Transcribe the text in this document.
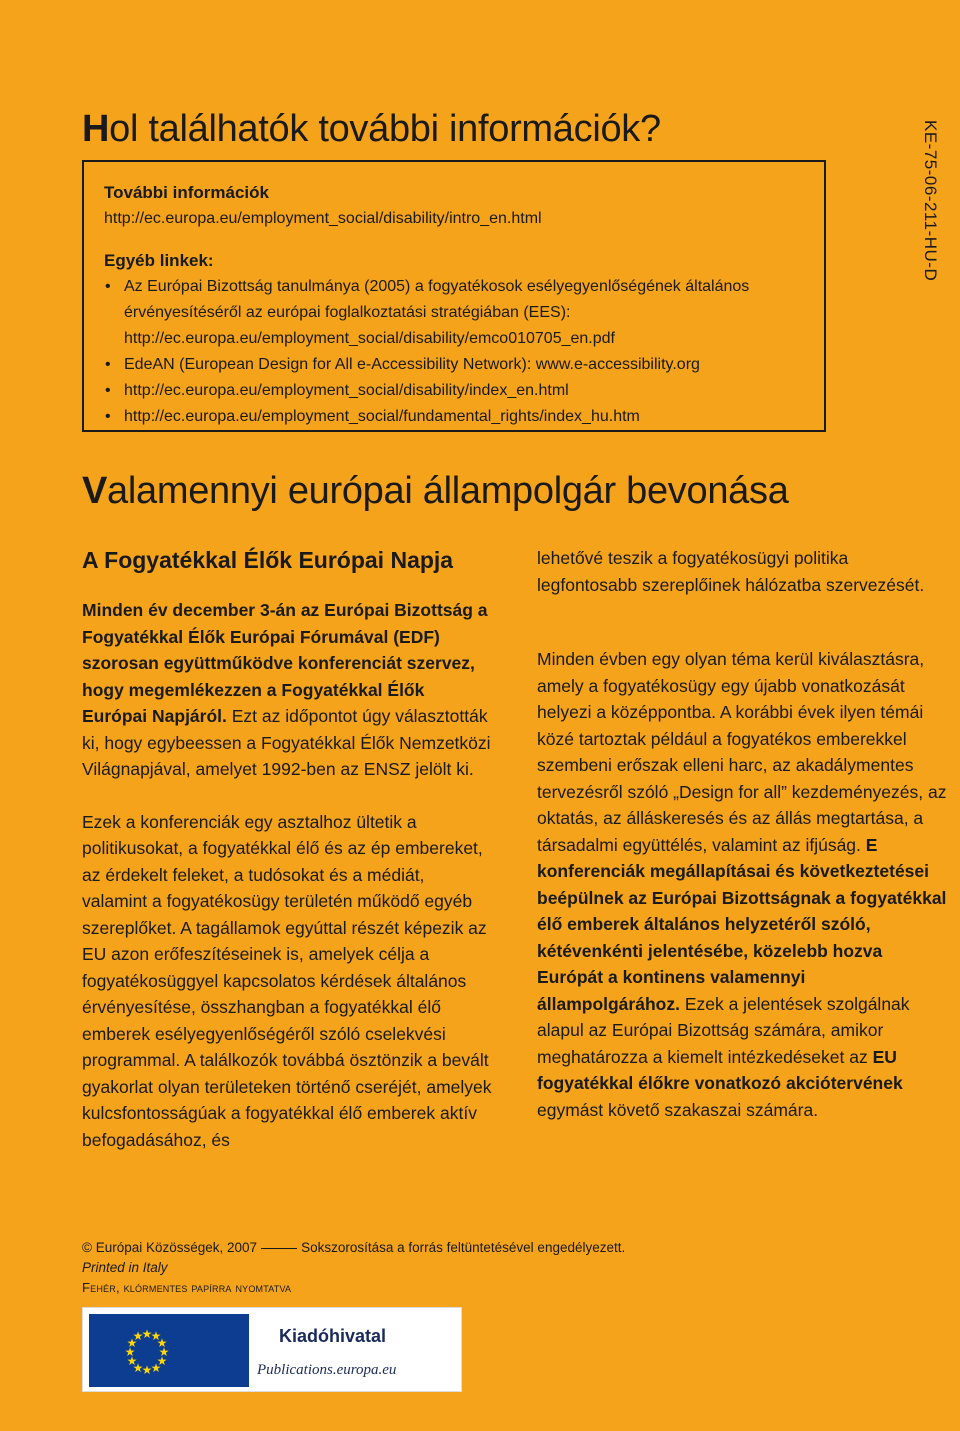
Hol találhatók további információk?
További információk
http://ec.europa.eu/employment_social/disability/intro_en.html
Egyéb linkek:
• Az Európai Bizottság tanulmánya (2005) a fogyatékosok esélyegyenlőségének általános érvényesítéséről az európai foglalkoztatási stratégiában (EES): http://ec.europa.eu/employment_social/disability/emco010705_en.pdf
• EdeAN (European Design for All e-Accessibility Network): www.e-accessibility.org
• http://ec.europa.eu/employment_social/disability/index_en.html
• http://ec.europa.eu/employment_social/fundamental_rights/index_hu.htm
KE-75-06-211-HU-D
Valamennyi európai állampolgár bevonása
A Fogyatékkal Élők Európai Napja

Minden év december 3-án az Európai Bizottság a Fogyatékkal Élők Európai Fórumával (EDF) szorosan együttműködve konferenciát szervez, hogy megemlékezzen a Fogyatékkal Élők Európai Napjáról. Ezt az időpontot úgy választották ki, hogy egybeessen a Fogyatékkal Élők Nemzetközi Világnapjával, amelyet 1992-ben az ENSZ jelölt ki.

Ezek a konferenciák egy asztalhoz ültetik a politikusokat, a fogyatékkal élő és az ép embereket, az érdekelt feleket, a tudósokat és a médiát, valamint a fogyatékosügy területén működő egyéb szereplőket. A tagállamok egyúttal részét képezik az EU azon erőfeszítéseinek is, amelyek célja a fogyatékosüggyel kapcsolatos kérdések általános érvényesítése, összhangban a fogyatékkal élő emberek esélyegyenlőségéről szóló cselekvési programmal. A találkozók továbbá ösztönzik a bevált gyakorlat olyan területeken történő cseréjét, amelyek kulcsfontosságúak a fogyatékkal élő emberek aktív befogadásához, és

lehetővé teszik a fogyatékosügyi politika legfontosabb szereplőinek hálózatba szervezését.

Minden évben egy olyan téma kerül kiválasztásra, amely a fogyatékosügy egy újabb vonatkozását helyezi a középpontba. A korábbi évek ilyen témái közé tartoztak például a fogyatékos emberekkel szembeni erőszak elleni harc, az akadálymentes tervezésről szóló „Design for all” kezdeményezés, az oktatás, az álláskeresés és az állás megtartása, a társadalmi együttélés, valamint az ifjúság. E konferenciák megállapításai és következtetései beépülnek az Európai Bizottságnak a fogyatékkal élő emberek általános helyzetéről szóló, kétévenkénti jelentésébe, közelebb hozva Európát a kontinens valamennyi állampolgárához. Ezek a jelentések szolgálnak alapul az Európai Bizottság számára, amikor meghatározza a kiemelt intézkedéseket az EU fogyatékkal élőkre vonatkozó akciótervének egymást követő szakaszai számára.

© Európai Közösségek, 2007	Sokszorosítása a forrás feltüntetésével engedélyezett.
Printed in Italy
Fehér, klórmentes papírra nyomtatva
★
★
★
★
★
★
★
★
★
★
★
★	Kiadóhivatal
Publications.europa.eu
